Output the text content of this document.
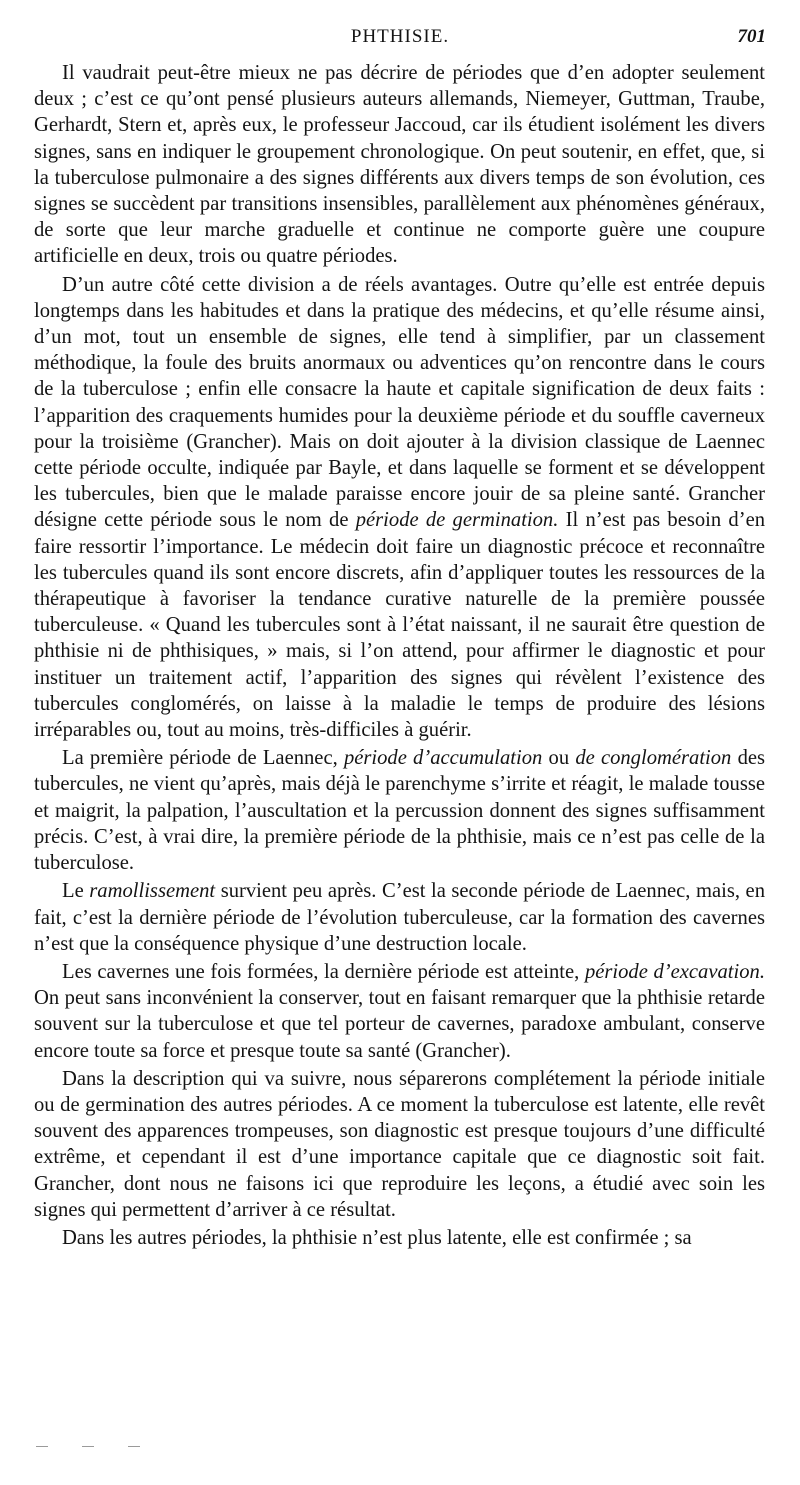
PHTHISIE.	701

Il vaudrait peut-être mieux ne pas décrire de périodes que d’en adopter seulement deux ; c’est ce qu’ont pensé plusieurs auteurs allemands, Niemeyer, Guttman, Traube, Gerhardt, Stern et, après eux, le professeur Jaccoud, car ils étudient isolément les divers signes, sans en indiquer le groupement chronologique. On peut soutenir, en effet, que, si la tuberculose pulmonaire a des signes différents aux divers temps de son évolution, ces signes se succèdent par transitions insensibles, parallèlement aux phénomènes généraux, de sorte que leur marche graduelle et continue ne comporte guère une coupure artificielle en deux, trois ou quatre périodes.

D’un autre côté cette division a de réels avantages. Outre qu’elle est entrée depuis longtemps dans les habitudes et dans la pratique des médecins, et qu’elle résume ainsi, d’un mot, tout un ensemble de signes, elle tend à simplifier, par un classement méthodique, la foule des bruits anormaux ou adventices qu’on rencontre dans le cours de la tuberculose ; enfin elle consacre la haute et capitale signification de deux faits : l’apparition des craquements humides pour la deuxième période et du souffle caverneux pour la troisième (Grancher). Mais on doit ajouter à la division classique de Laennec cette période occulte, indiquée par Bayle, et dans laquelle se forment et se développent les tubercules, bien que le malade paraisse encore jouir de sa pleine santé. Grancher désigne cette période sous le nom de période de germination. Il n’est pas besoin d’en faire ressortir l’importance. Le médecin doit faire un diagnostic précoce et reconnaître les tubercules quand ils sont encore discrets, afin d’appliquer toutes les ressources de la thérapeutique à favoriser la tendance curative naturelle de la première poussée tuberculeuse. « Quand les tubercules sont à l’état naissant, il ne saurait être question de phthisie ni de phthisiques, » mais, si l’on attend, pour affirmer le diagnostic et pour instituer un traitement actif, l’apparition des signes qui révèlent l’existence des tubercules conglomérés, on laisse à la maladie le temps de produire des lésions irréparables ou, tout au moins, très-difficiles à guérir.

La première période de Laennec, période d’accumulation ou de conglomération des tubercules, ne vient qu’après, mais déjà le parenchyme s’irrite et réagit, le malade tousse et maigrit, la palpation, l’auscultation et la percussion donnent des signes suffisamment précis. C’est, à vrai dire, la première période de la phthisie, mais ce n’est pas celle de la tuberculose.

Le ramollissement survient peu après. C’est la seconde période de Laennec, mais, en fait, c’est la dernière période de l’évolution tuberculeuse, car la formation des cavernes n’est que la conséquence physique d’une destruction locale.

Les cavernes une fois formées, la dernière période est atteinte, période d’excavation. On peut sans inconvénient la conserver, tout en faisant remarquer que la phthisie retarde souvent sur la tuberculose et que tel porteur de cavernes, paradoxe ambulant, conserve encore toute sa force et presque toute sa santé (Grancher).

Dans la description qui va suivre, nous séparerons complétement la période initiale ou de germination des autres périodes. A ce moment la tuberculose est latente, elle revêt souvent des apparences trompeuses, son diagnostic est presque toujours d’une difficulté extrême, et cependant il est d’une importance capitale que ce diagnostic soit fait. Grancher, dont nous ne faisons ici que reproduire les leçons, a étudié avec soin les signes qui permettent d’arriver à ce résultat.

Dans les autres périodes, la phthisie n’est plus latente, elle est confirmée ; sa
